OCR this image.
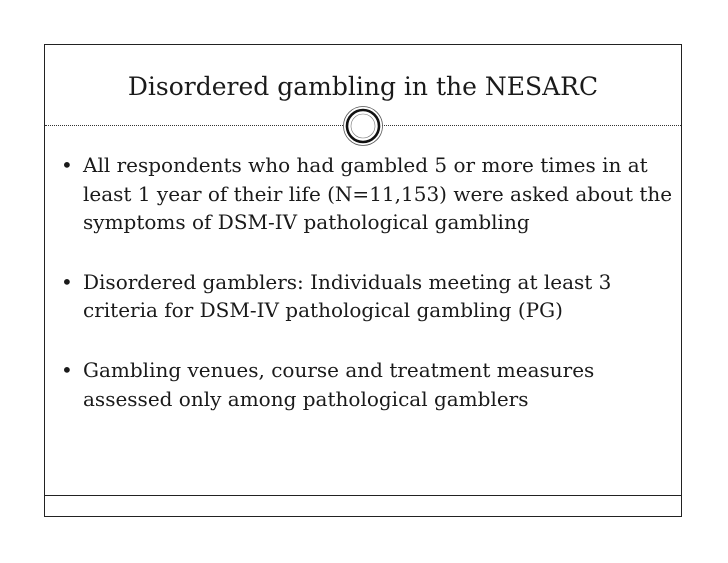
Disordered gambling in the NESARC
• All respondents who had gambled 5 or more times in at least 1 year of their life (N=11,153) were asked about the symptoms of DSM-IV pathological gambling
• Disordered gamblers: Individuals meeting at least 3 criteria for DSM-IV pathological gambling (PG)
• Gambling venues, course and treatment measures assessed only among pathological gamblers
